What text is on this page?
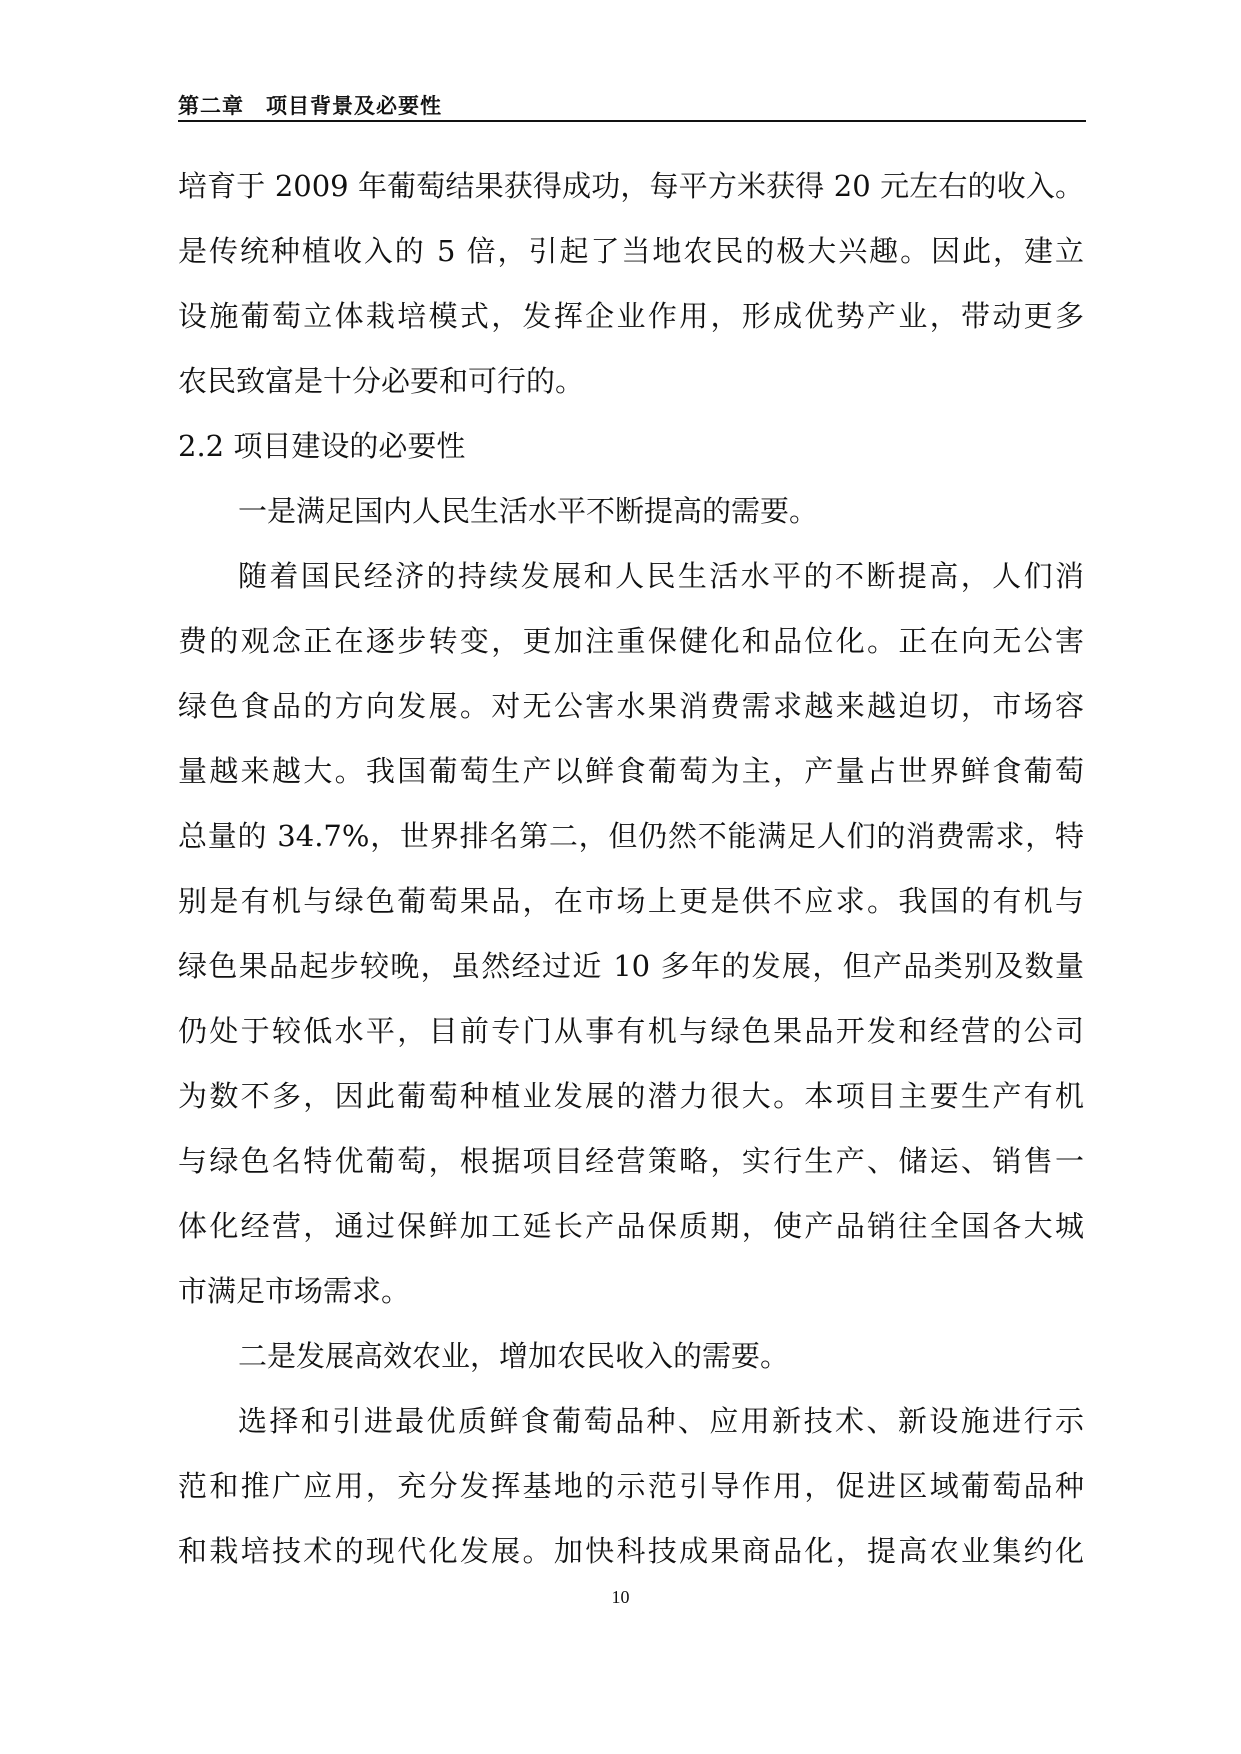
第二章　项目背景及必要性
培育于 2009 年葡萄结果获得成功，每平方米获得 20 元左右的收入。
是传统种植收入的 5 倍，引起了当地农民的极大兴趣。因此，建立
设施葡萄立体栽培模式，发挥企业作用，形成优势产业，带动更多
农民致富是十分必要和可行的。
2.2 项目建设的必要性
一是满足国内人民生活水平不断提高的需要。
随着国民经济的持续发展和人民生活水平的不断提高，人们消
费的观念正在逐步转变，更加注重保健化和品位化。正在向无公害
绿色食品的方向发展。对无公害水果消费需求越来越迫切，市场容
量越来越大。我国葡萄生产以鲜食葡萄为主，产量占世界鲜食葡萄
总量的 34.7%，世界排名第二，但仍然不能满足人们的消费需求，特
别是有机与绿色葡萄果品，在市场上更是供不应求。我国的有机与
绿色果品起步较晚，虽然经过近 10 多年的发展，但产品类别及数量
仍处于较低水平，目前专门从事有机与绿色果品开发和经营的公司
为数不多，因此葡萄种植业发展的潜力很大。本项目主要生产有机
与绿色名特优葡萄，根据项目经营策略，实行生产、储运、销售一
体化经营，通过保鲜加工延长产品保质期，使产品销往全国各大城
市满足市场需求。
二是发展高效农业，增加农民收入的需要。
选择和引进最优质鲜食葡萄品种、应用新技术、新设施进行示
范和推广应用，充分发挥基地的示范引导作用，促进区域葡萄品种
和栽培技术的现代化发展。加快科技成果商品化，提高农业集约化
10
